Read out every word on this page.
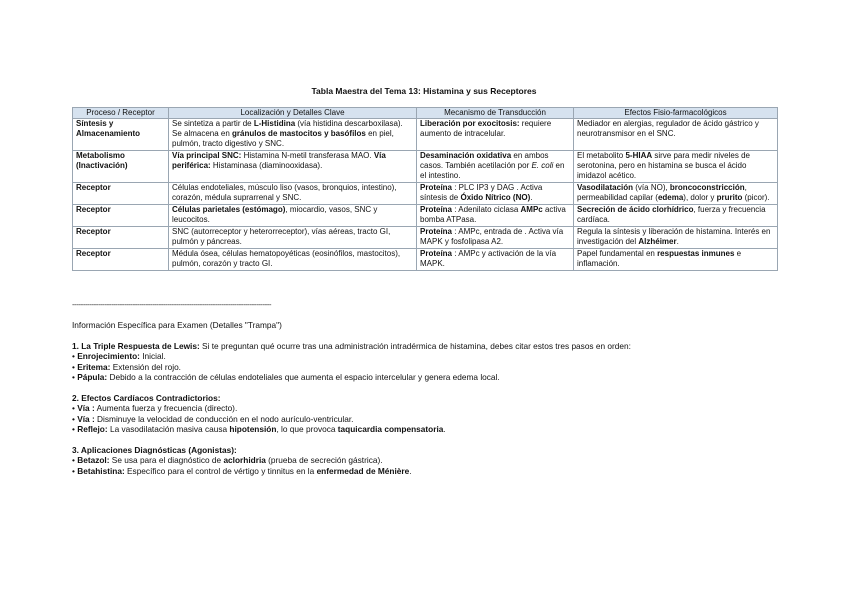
Tabla Maestra del Tema 13: Histamina y sus Receptores
Proceso / Receptor	Localización y Detalles Clave	Mecanismo de Transducción	Efectos Fisio-farmacológicos
Síntesis y Almacenamiento	Se sintetiza a partir de L-Histidina (vía histidina descarboxilasa). Se almacena en gránulos de mastocitos y basófilos en piel, pulmón, tracto digestivo y SNC.	Liberación por exocitosis: requiere aumento de intracelular.	Mediador en alergias, regulador de ácido gástrico y neurotransmisor en el SNC.
Metabolismo (Inactivación)	Vía principal SNC: Histamina N-metil transferasa MAO. Vía periférica: Histaminasa (diaminooxidasa).	Desaminación oxidativa en ambos casos. También acetilación por E. coli en el intestino.	El metabolito 5-HIAA sirve para medir niveles de serotonina, pero en histamina se busca el ácido imidazol acético.
Receptor	Células endoteliales, músculo liso (vasos, bronquios, intestino), corazón, médula suprarrenal y SNC.	Proteína : PLC IP3 y DAG . Activa síntesis de Óxido Nítrico (NO).	Vasodilatación (vía NO), broncoconstricción, permeabilidad capilar (edema), dolor y prurito (picor).
Receptor	Células parietales (estómago), miocardio, vasos, SNC y leucocitos.	Proteína : Adenilato ciclasa AMPc activa bomba ATPasa.	Secreción de ácido clorhídrico, fuerza y frecuencia cardíaca.
Receptor	SNC (autorreceptor y heterorreceptor), vías aéreas, tracto GI, pulmón y páncreas.	Proteína : AMPc, entrada de . Activa vía MAPK y fosfolipasa A2.	Regula la síntesis y liberación de histamina. Interés en investigación del Alzhéimer.
Receptor	Médula ósea, células hematopoyéticas (eosinófilos, mastocitos), pulmón, corazón y tracto GI.	Proteína : AMPc y activación de la vía MAPK.	Papel fundamental en respuestas inmunes e inflamación.
--------------------------------------------------------------------------------------------

Información Específica para Examen (Detalles "Trampa")

1. La Triple Respuesta de Lewis: Si te preguntan qué ocurre tras una administración intradérmica de histamina, debes citar estos tres pasos en orden:

• Enrojecimiento: Inicial.

• Eritema: Extensión del rojo.

• Pápula: Debido a la contracción de células endoteliales que aumenta el espacio intercelular y genera edema local.

2. Efectos Cardíacos Contradictorios:

• Vía : Aumenta fuerza y frecuencia (directo).

• Vía : Disminuye la velocidad de conducción en el nodo aurículo-ventricular.

• Reflejo: La vasodilatación masiva causa hipotensión, lo que provoca taquicardia compensatoria.

3. Aplicaciones Diagnósticas (Agonistas):

• Betazol: Se usa para el diagnóstico de aclorhidria (prueba de secreción gástrica).

• Betahistina: Específico para el control de vértigo y tinnitus en la enfermedad de Ménière.
